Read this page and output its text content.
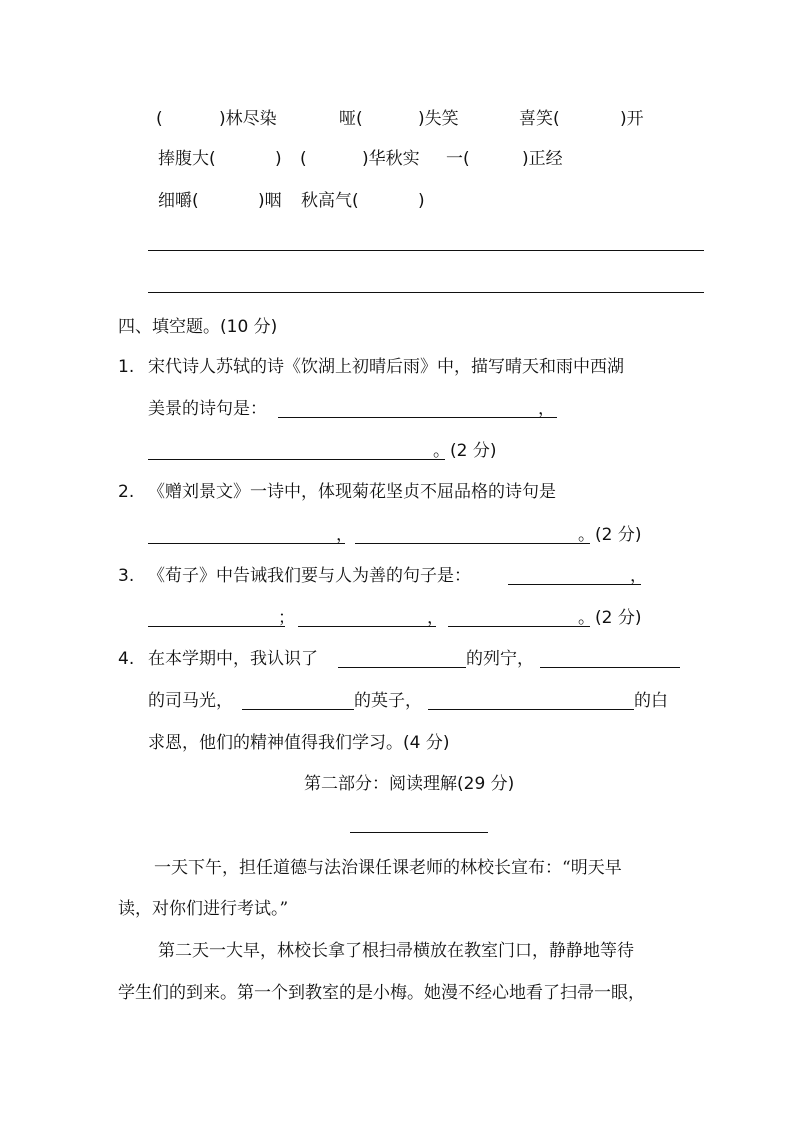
(	)林尽染	哑(	)失笑	喜笑(	)开
捧腹大(	) (	)华秋实 一(	)正经
细嚼(	)咽 秋高气(	)
四、填空题。(10 分)
1. 宋代诗人苏轼的诗《饮湖上初晴后雨》中，描写晴天和雨中西湖
美景的诗句是：	，
。(2 分)
2. 《赠刘景文》一诗中，体现菊花坚贞不屈品格的诗句是
，	。(2 分)
3. 《荀子》中告诫我们要与人为善的句子是：	，
；	，	。(2 分)
4. 在本学期中，我认识了	的列宁，
的司马光，	的英子，	的白
求恩，他们的精神值得我们学习。(4 分)
第二部分：阅读理解(29 分)
一天下午，担任道德与法治课任课老师的林校长宣布：“明天早
读，对你们进行考试。”
第二天一大早，林校长拿了根扫帚横放在教室门口，静静地等待
学生们的到来。第一个到教室的是小梅。她漫不经心地看了扫帚一眼，
